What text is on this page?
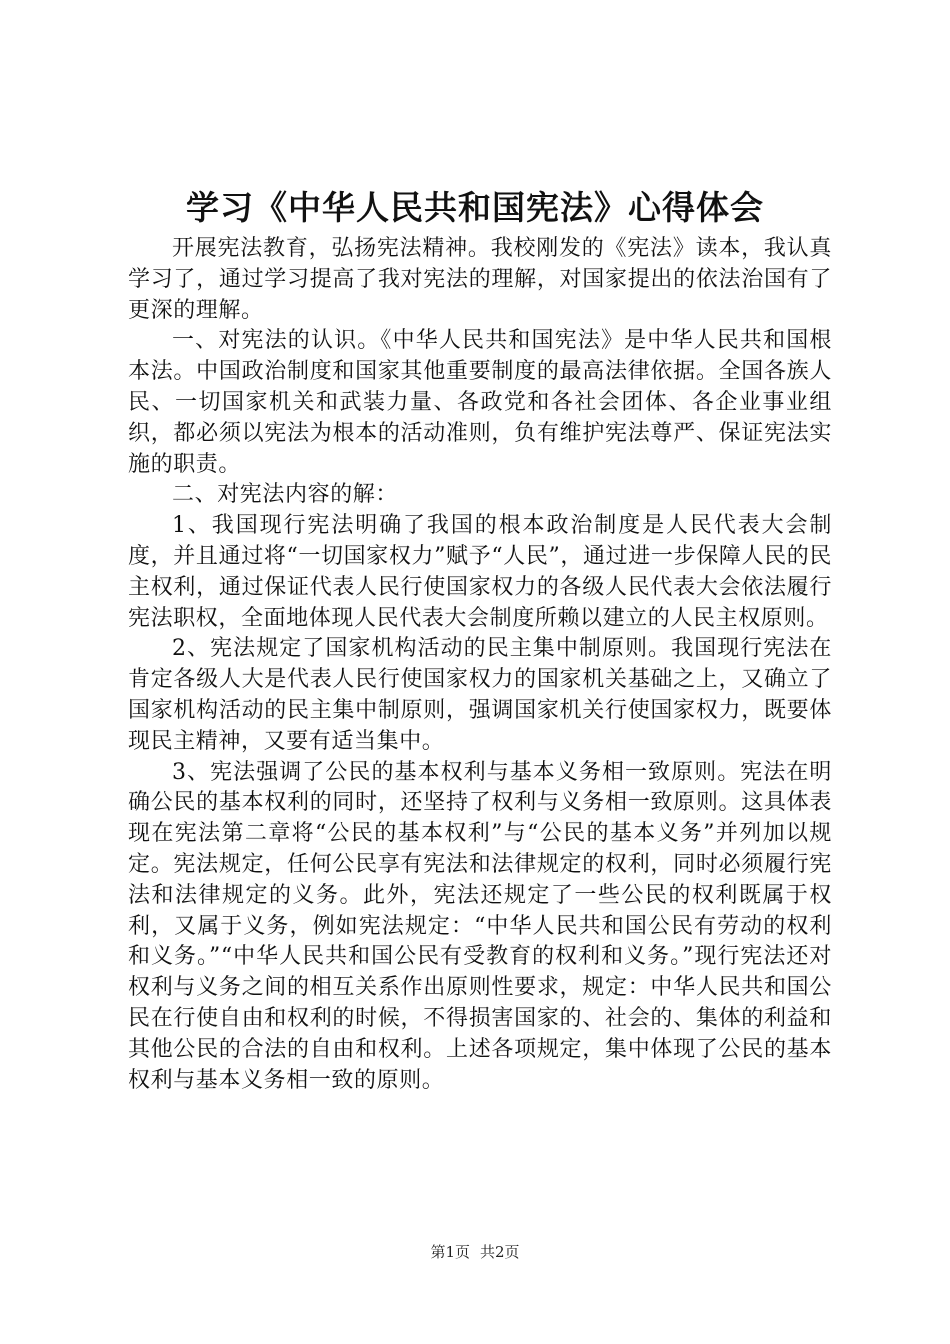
学习《中华人民共和国宪法》心得体会

开展宪法教育，弘扬宪法精神。我校刚发的《宪法》读本，我认真学习了，通过学习提高了我对宪法的理解，对国家提出的依法治国有了更深的理解。

一、对宪法的认识。《中华人民共和国宪法》是中华人民共和国根本法。中国政治制度和国家其他重要制度的最高法律依据。全国各族人民、一切国家机关和武装力量、各政党和各社会团体、各企业事业组织，都必须以宪法为根本的活动准则，负有维护宪法尊严、保证宪法实施的职责。

二、对宪法内容的解：

1、我国现行宪法明确了我国的根本政治制度是人民代表大会制度，并且通过将“一切国家权力”赋予“人民”，通过进一步保障人民的民主权利，通过保证代表人民行使国家权力的各级人民代表大会依法履行宪法职权，全面地体现人民代表大会制度所赖以建立的人民主权原则。

2、宪法规定了国家机构活动的民主集中制原则。我国现行宪法在肯定各级人大是代表人民行使国家权力的国家机关基础之上，又确立了国家机构活动的民主集中制原则，强调国家机关行使国家权力，既要体现民主精神，又要有适当集中。

3、宪法强调了公民的基本权利与基本义务相一致原则。宪法在明确公民的基本权利的同时，还坚持了权利与义务相一致原则。这具体表现在宪法第二章将“公民的基本权利”与“公民的基本义务”并列加以规定。宪法规定，任何公民享有宪法和法律规定的权利，同时必须履行宪法和法律规定的义务。此外，宪法还规定了一些公民的权利既属于权利，又属于义务，例如宪法规定：“中华人民共和国公民有劳动的权利和义务。”“中华人民共和国公民有受教育的权利和义务。”现行宪法还对权利与义务之间的相互关系作出原则性要求，规定：中华人民共和国公民在行使自由和权利的时候，不得损害国家的、社会的、集体的利益和其他公民的合法的自由和权利。上述各项规定，集中体现了公民的基本权利与基本义务相一致的原则。

第1页 共2页
